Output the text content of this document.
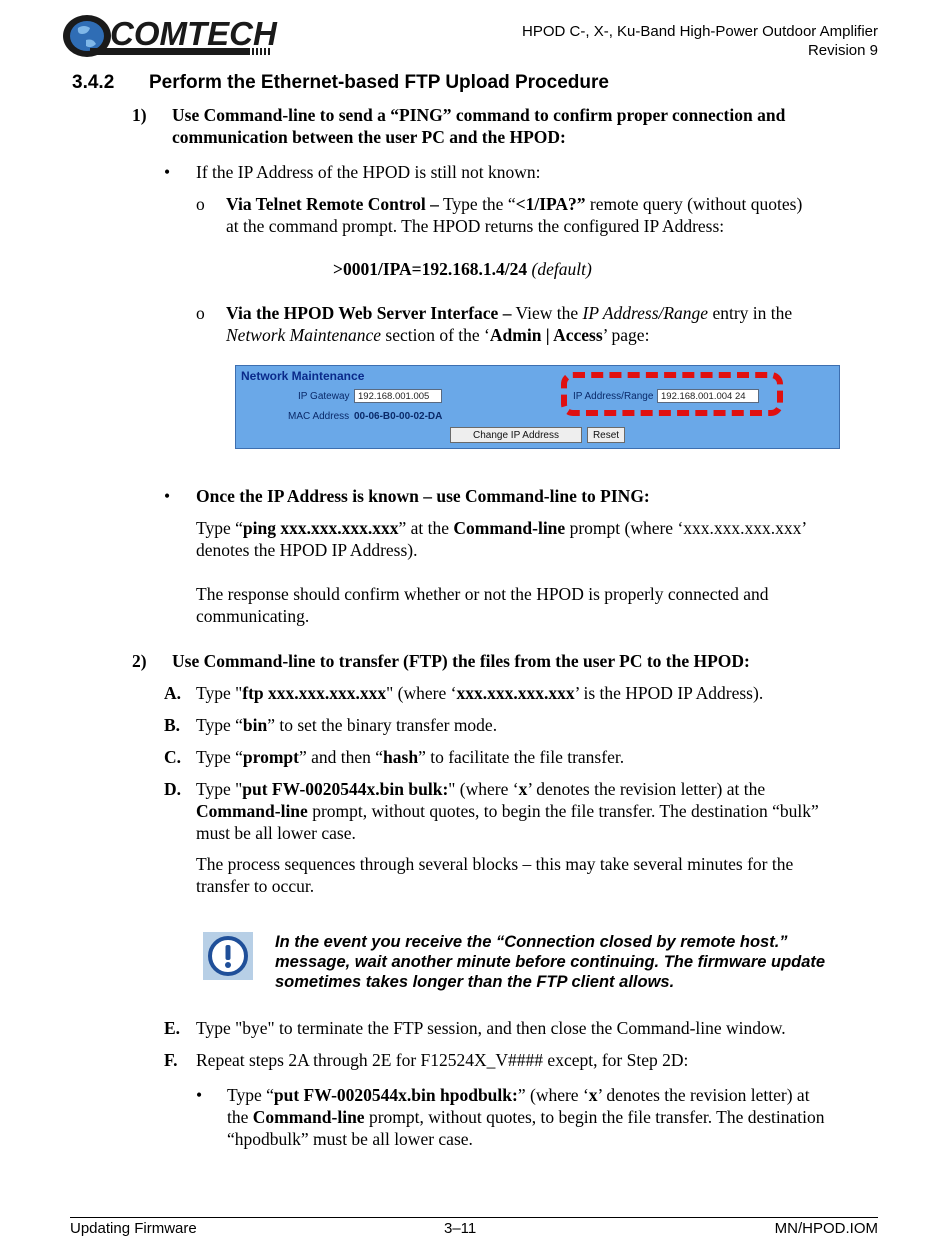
COMTECH	HPOD C-, X-, Ku-Band High-Power Outdoor Amplifier
Revision 9
3.4.2 Perform the Ethernet-based FTP Upload Procedure
1) Use Command-line to send a “PING” command to confirm proper connection and
communication between the user PC and the HPOD:
• If the IP Address of the HPOD is still not known:
o Via Telnet Remote Control – Type the “<1/IPA?” remote query (without quotes)
at the command prompt. The HPOD returns the configured IP Address:
>0001/IPA=192.168.1.4/24 (default)
o Via the HPOD Web Server Interface – View the IP Address/Range entry in the
Network Maintenance section of the ‘Admin | Access’ page:
Network Maintenance
IP Gateway 192.168.001.005
MAC Address 00-06-B0-00-02-DA
IP Address/Range 192.168.001.004 24
Change IP Address	Reset
• Once the IP Address is known – use Command-line to PING:
Type “ping xxx.xxx.xxx.xxx” at the Command-line prompt (where ‘xxx.xxx.xxx.xxx’
denotes the HPOD IP Address).
The response should confirm whether or not the HPOD is properly connected and
communicating.
2) Use Command-line to transfer (FTP) the files from the user PC to the HPOD:
A. Type "ftp xxx.xxx.xxx.xxx" (where ‘xxx.xxx.xxx.xxx’ is the HPOD IP Address).
B. Type “bin” to set the binary transfer mode.
C. Type “prompt” and then “hash” to facilitate the file transfer.
D. Type "put FW-0020544x.bin bulk:" (where ‘x’ denotes the revision letter) at the
Command-line prompt, without quotes, to begin the file transfer. The destination “bulk”
must be all lower case.
The process sequences through several blocks – this may take several minutes for the
transfer to occur.
In the event you receive the “Connection closed by remote host.”
message, wait another minute before continuing. The firmware update
sometimes takes longer than the FTP client allows.
E. Type "bye" to terminate the FTP session, and then close the Command-line window.
F. Repeat steps 2A through 2E for F12524X_V#### except, for Step 2D:
• Type “put FW-0020544x.bin hpodbulk:” (where ‘x’ denotes the revision letter) at
the Command-line prompt, without quotes, to begin the file transfer. The destination
“hpodbulk” must be all lower case.
Updating Firmware	3–11	MN/HPOD.IOM
